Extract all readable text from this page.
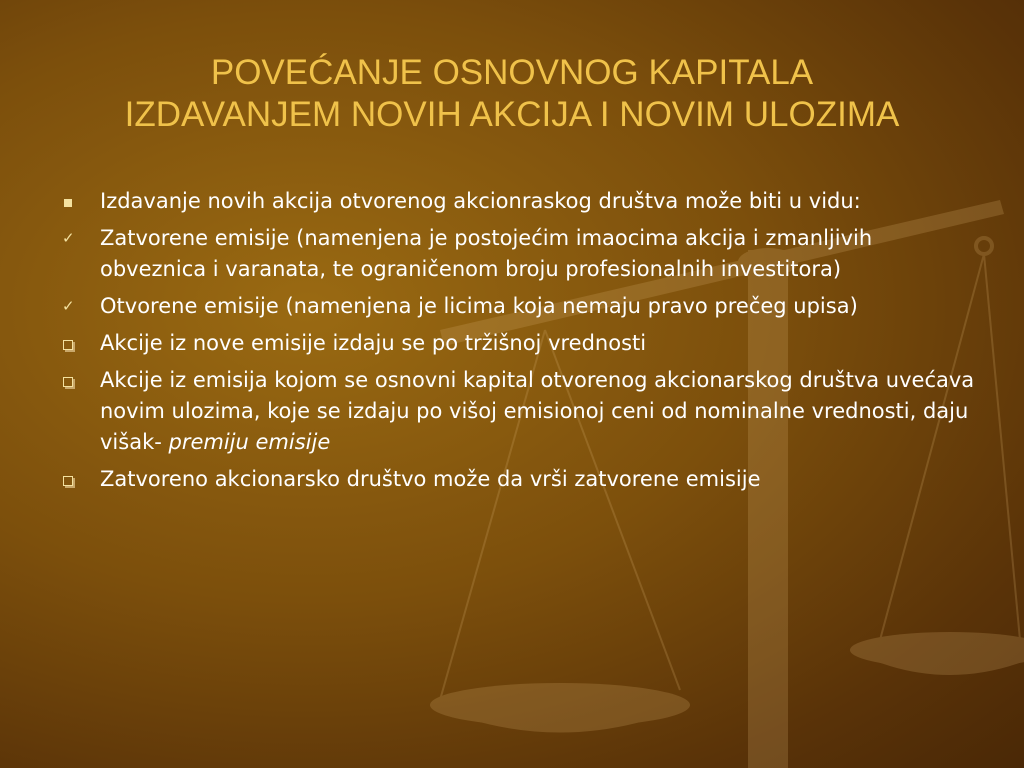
POVEĆANJE OSNOVNOG KAPITALA
IZDAVANJEM NOVIH AKCIJA I NOVIM ULOZIMA
Izdavanje novih akcija otvorenog akcionraskog društva može biti u vidu:
✓	Zatvorene emisije (namenjena je postojećim imaocima akcija i zmanljivih obveznica i varanata, te ograničenom broju profesionalnih investitora)
✓	Otvorene emisije (namenjena je licima koja nemaju pravo prečeg upisa)
Akcije iz nove emisije izdaju se po tržišnoj vrednosti
Akcije iz emisija kojom se osnovni kapital otvorenog akcionarskog društva uvećava novim ulozima, koje se izdaju po višoj emisionoj ceni od nominalne vrednosti, daju višak- premiju emisije
Zatvoreno akcionarsko društvo može da vrši zatvorene emisije
